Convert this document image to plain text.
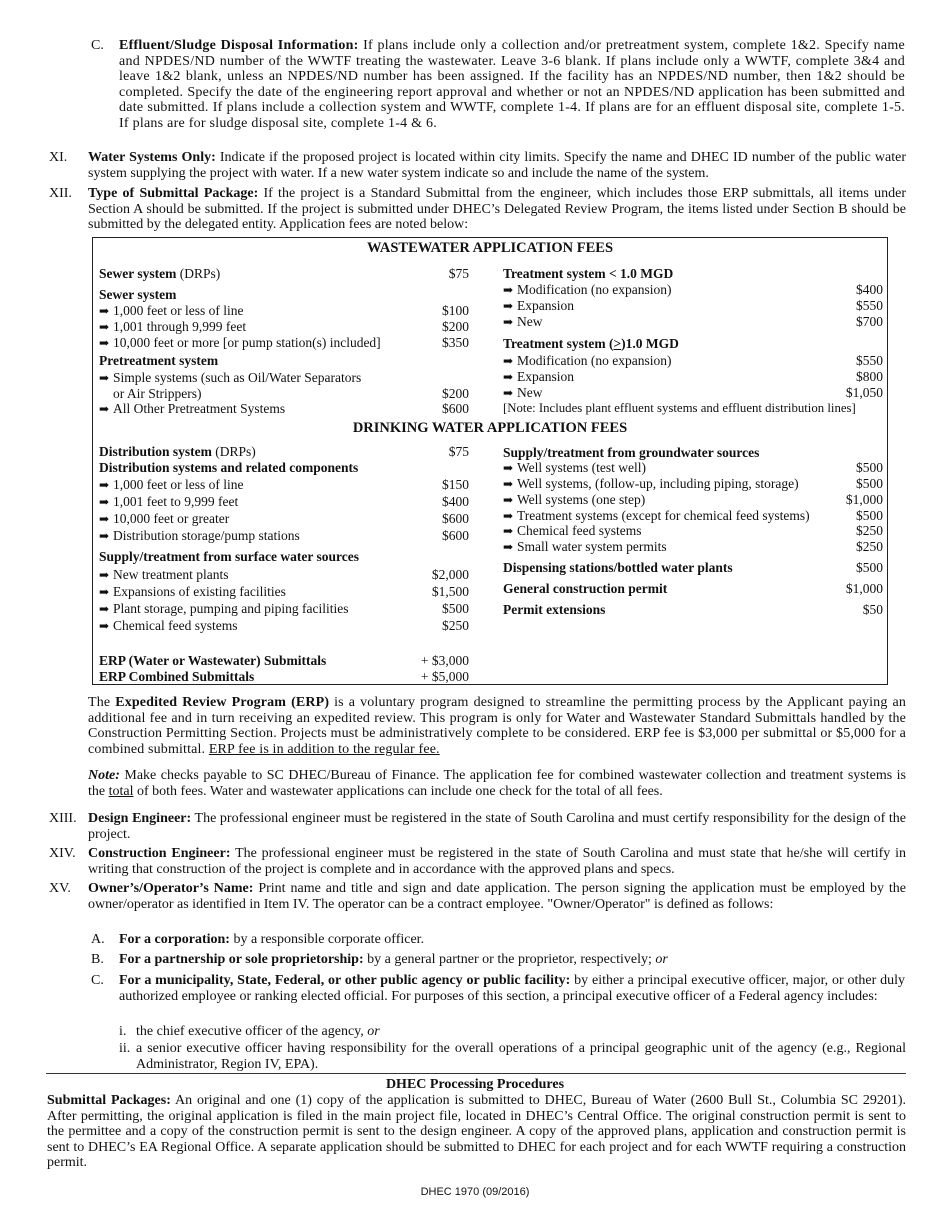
C. Effluent/Sludge Disposal Information: If plans include only a collection and/or pretreatment system, complete 1&2. Specify name and NPDES/ND number of the WWTF treating the wastewater. Leave 3-6 blank. If plans include only a WWTF, complete 3&4 and leave 1&2 blank, unless an NPDES/ND number has been assigned. If the facility has an NPDES/ND number, then 1&2 should be completed. Specify the date of the engineering report approval and whether or not an NPDES/ND application has been submitted and date submitted. If plans include a collection system and WWTF, complete 1-4. If plans are for an effluent disposal site, complete 1-5. If plans are for sludge disposal site, complete 1-4 & 6.
XI. Water Systems Only: Indicate if the proposed project is located within city limits. Specify the name and DHEC ID number of the public water system supplying the project with water. If a new water system indicate so and include the name of the system.
XII. Type of Submittal Package: If the project is a Standard Submittal from the engineer, which includes those ERP submittals, all items under Section A should be submitted. If the project is submitted under DHEC’s Delegated Review Program, the items listed under Section B should be submitted by the delegated entity. Application fees are noted below:
WASTEWATER APPLICATION FEES
Sewer system (DRPs)	$75
Sewer system
➡ 1,000 feet or less of line	$100
➡ 1,001 through 9,999 feet	$200
➡ 10,000 feet or more [or pump station(s) included]	$350
Pretreatment system
➡ Simple systems (such as Oil/Water Separators
or Air Strippers)	$200
➡ All Other Pretreatment Systems	$600
Treatment system < 1.0 MGD
➡ Modification (no expansion)	$400
➡ Expansion	$550
➡ New	$700
Treatment system (>)1.0 MGD
➡ Modification (no expansion)	$550
➡ Expansion	$800
➡ New	$1,050
[Note: Includes plant effluent systems and effluent distribution lines]
DRINKING WATER APPLICATION FEES
Distribution system (DRPs)	$75
Distribution systems and related components
➡ 1,000 feet or less of line	$150
➡ 1,001 feet to 9,999 feet	$400
➡ 10,000 feet or greater	$600
➡ Distribution storage/pump stations	$600
Supply/treatment from surface water sources
➡ New treatment plants	$2,000
➡ Expansions of existing facilities	$1,500
➡ Plant storage, pumping and piping facilities	$500
➡ Chemical feed systems	$250
ERP (Water or Wastewater) Submittals	+ $3,000
ERP Combined Submittals	+ $5,000
Supply/treatment from groundwater sources
➡ Well systems (test well)	$500
➡ Well systems, (follow-up, including piping, storage)	$500
➡ Well systems (one step)	$1,000
➡ Treatment systems (except for chemical feed systems)	$500
➡ Chemical feed systems	$250
➡ Small water system permits	$250
Dispensing stations/bottled water plants	$500
General construction permit	$1,000
Permit extensions	$50
The Expedited Review Program (ERP) is a voluntary program designed to streamline the permitting process by the Applicant paying an additional fee and in turn receiving an expedited review. This program is only for Water and Wastewater Standard Submittals handled by the Construction Permitting Section. Projects must be administratively complete to be considered. ERP fee is $3,000 per submittal or $5,000 for a combined submittal. ERP fee is in addition to the regular fee.
Note: Make checks payable to SC DHEC/Bureau of Finance. The application fee for combined wastewater collection and treatment systems is the total of both fees. Water and wastewater applications can include one check for the total of all fees.
XIII. Design Engineer: The professional engineer must be registered in the state of South Carolina and must certify responsibility for the design of the project.
XIV. Construction Engineer: The professional engineer must be registered in the state of South Carolina and must state that he/she will certify in writing that construction of the project is complete and in accordance with the approved plans and specs.
XV. Owner’s/Operator’s Name: Print name and title and sign and date application. The person signing the application must be employed by the owner/operator as identified in Item IV. The operator can be a contract employee. "Owner/Operator" is defined as follows:
A. For a corporation: by a responsible corporate officer.
B. For a partnership or sole proprietorship: by a general partner or the proprietor, respectively; or
C. For a municipality, State, Federal, or other public agency or public facility: by either a principal executive officer, major, or other duly authorized employee or ranking elected official. For purposes of this section, a principal executive officer of a Federal agency includes:
i. the chief executive officer of the agency, or
ii. a senior executive officer having responsibility for the overall operations of a principal geographic unit of the agency (e.g., Regional Administrator, Region IV, EPA).
DHEC Processing Procedures
Submittal Packages: An original and one (1) copy of the application is submitted to DHEC, Bureau of Water (2600 Bull St., Columbia SC 29201). After permitting, the original application is filed in the main project file, located in DHEC’s Central Office. The original construction permit is sent to the permittee and a copy of the construction permit is sent to the design engineer. A copy of the approved plans, application and construction permit is sent to DHEC’s EA Regional Office. A separate application should be submitted to DHEC for each project and for each WWTF requiring a construction permit.
DHEC 1970 (09/2016)
